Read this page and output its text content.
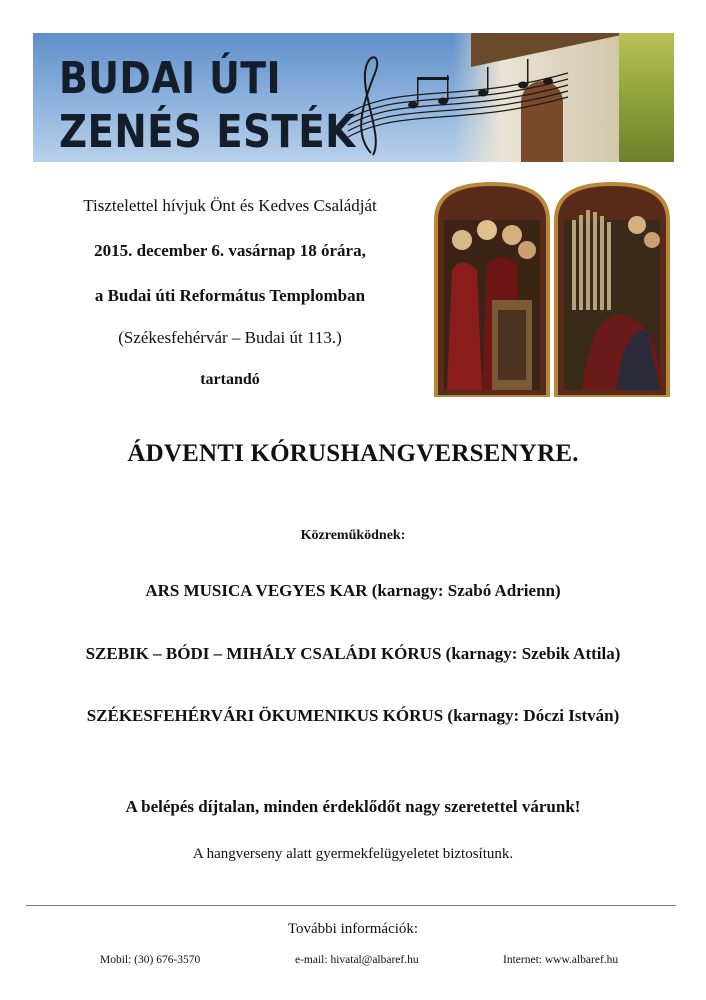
BUDAI ÚTI
ZENÉS ESTÉK
Tisztelettel hívjuk Önt és Kedves Családját
2015. december 6. vasárnap 18 órára,
a Budai úti Református Templomban
(Székesfehérvár – Budai út 113.)
tartandó
ÁDVENTI KÓRUSHANGVERSENYRE.
Közreműködnek:
ARS MUSICA VEGYES KAR (karnagy: Szabó Adrienn)
SZEBIK – BÓDI – MIHÁLY CSALÁDI KÓRUS (karnagy: Szebik Attila)
SZÉKESFEHÉRVÁRI ÖKUMENIKUS KÓRUS (karnagy: Dóczi István)
A belépés díjtalan, minden érdeklődőt nagy szeretettel várunk!
A hangverseny alatt gyermekfelügyeletet biztosítunk.
További információk:
Mobil: (30) 676-3570	e-mail: hivatal@albaref.hu	Internet: www.albaref.hu
